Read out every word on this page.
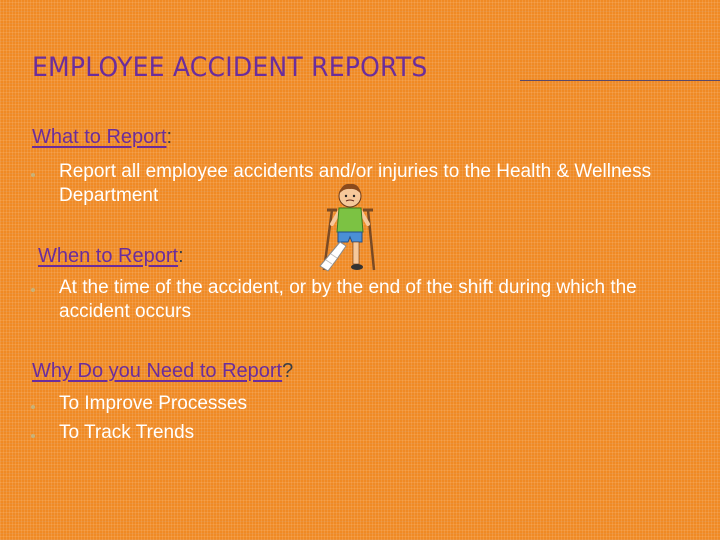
EMPLOYEE ACCIDENT REPORTS
What to Report:
Report all employee accidents and/or injuries to the Health & Wellness Department
When to Report:
At the time of the accident, or by the end of the shift during which the accident occurs
Why Do you Need to Report?
To Improve Processes
To Track Trends
